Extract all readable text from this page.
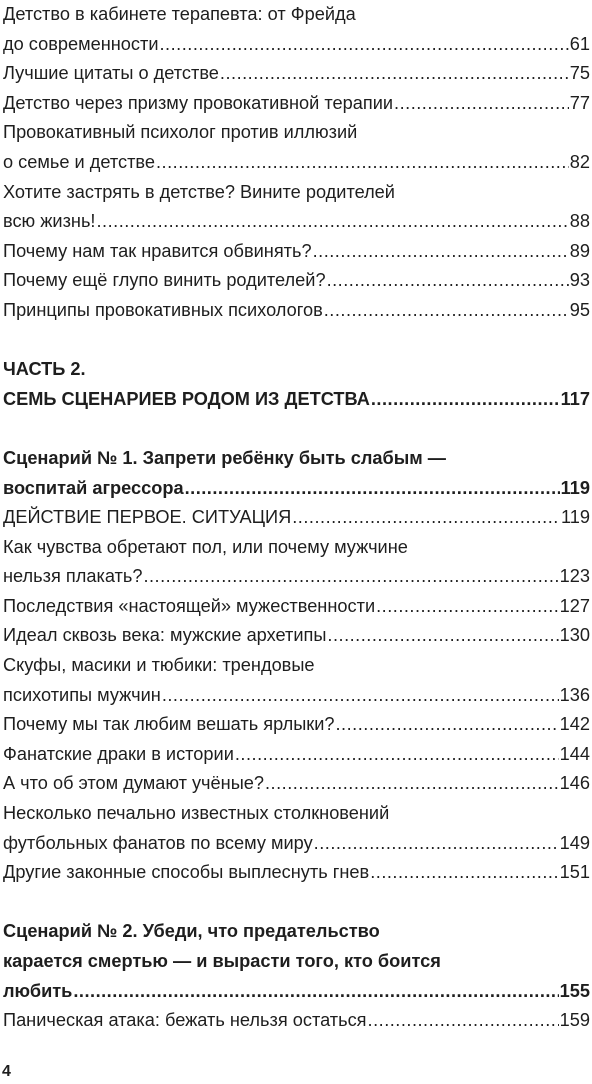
Детство в кабинете терапевта: от Фрейда
до современности .....	61
Лучшие цитаты о детстве .....	75
Детство через призму провокативной терапии .....	77
Провокативный психолог против иллюзий
о семье и детстве .....	82
Хотите застрять в детстве? Вините родителей
всю жизнь! .....	88
Почему нам так нравится обвинять? .....	89
Почему ещё глупо винить родителей? .....	93
Принципы провокативных психологов .....	95
ЧАСТЬ 2.
СЕМЬ СЦЕНАРИЕВ РОДОМ ИЗ ДЕТСТВА .....	117
Сценарий № 1. Запрети ребёнку быть слабым —
воспитай агрессора .....	119
ДЕЙСТВИЕ ПЕРВОЕ. СИТУАЦИЯ .....	119
Как чувства обретают пол, или почему мужчине
нельзя плакать? .....	123
Последствия «настоящей» мужественности .....	127
Идеал сквозь века: мужские архетипы .....	130
Скуфы, масики и тюбики: трендовые
психотипы мужчин .....	136
Почему мы так любим вешать ярлыки? .....	142
Фанатские драки в истории .....	144
А что об этом думают учёные? .....	146
Несколько печально известных столкновений
футбольных фанатов по всему миру .....	149
Другие законные способы выплеснуть гнев .....	151
Сценарий № 2. Убеди, что предательство
карается смертью — и вырасти того, кто боится
любить .....	155
Паническая атака: бежать нельзя остаться .....	159
4
